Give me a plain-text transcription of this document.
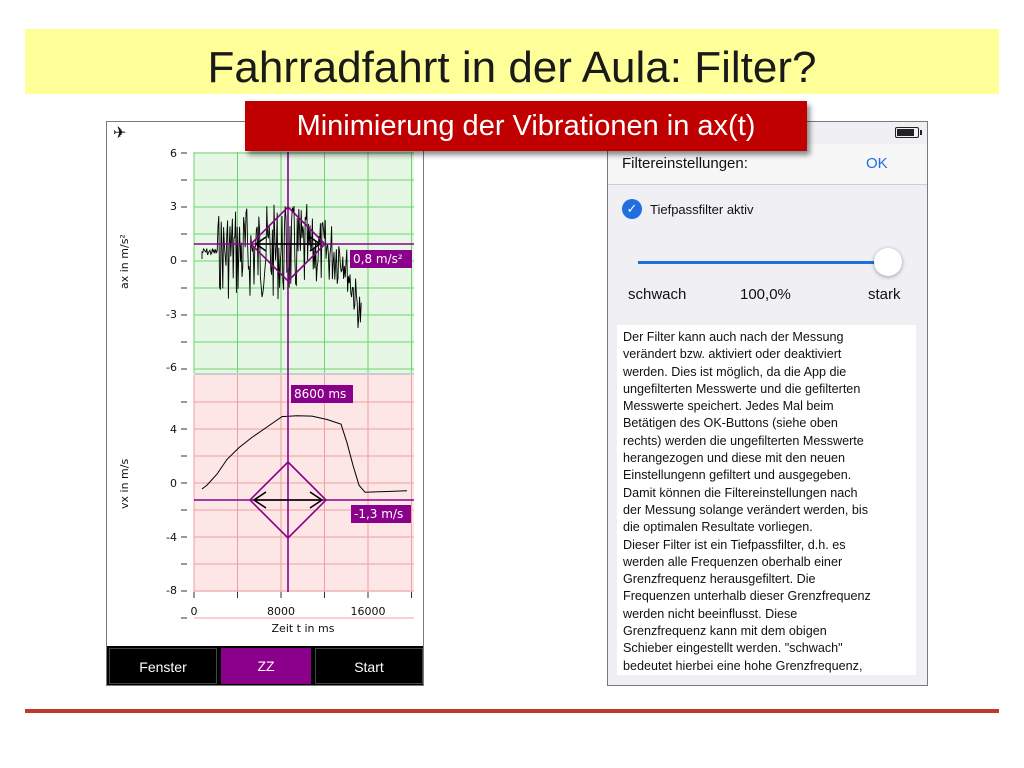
Fahrradfahrt in der Aula: Filter?
Minimierung der Vibrationen in ax(t)
✈
ax in m/s²
vx in m/s
6
3
0
-3
-6
4
0
-4
-8
0	8000	16000
Zeit t in ms
0,8 m/s²
8600 ms
-1,3 m/s
Fenster	ZZ	Start
Filtereinstellungen:	OK
✓ Tiefpassfilter aktiv
schwach	100,0%	stark
Der Filter kann auch nach der Messung
verändert bzw. aktiviert oder deaktiviert
werden. Dies ist möglich, da die App die
ungefilterten Messwerte und die gefilterten
Messwerte speichert. Jedes Mal beim
Betätigen des OK-Buttons (siehe oben
rechts) werden die ungefilterten Messwerte
herangezogen und diese mit den neuen
Einstellungenn gefiltert und ausgegeben.
Damit können die Filtereinstellungen nach
der Messung solange verändert werden, bis
die optimalen Resultate vorliegen.
Dieser Filter ist ein Tiefpassfilter, d.h. es
werden alle Frequenzen oberhalb einer
Grenzfrequenz herausgefiltert. Die
Frequenzen unterhalb dieser Grenzfrequenz
werden nicht beeinflusst. Diese
Grenzfrequenz kann mit dem obigen
Schieber eingestellt werden. "schwach"
bedeutet hierbei eine hohe Grenzfrequenz,
